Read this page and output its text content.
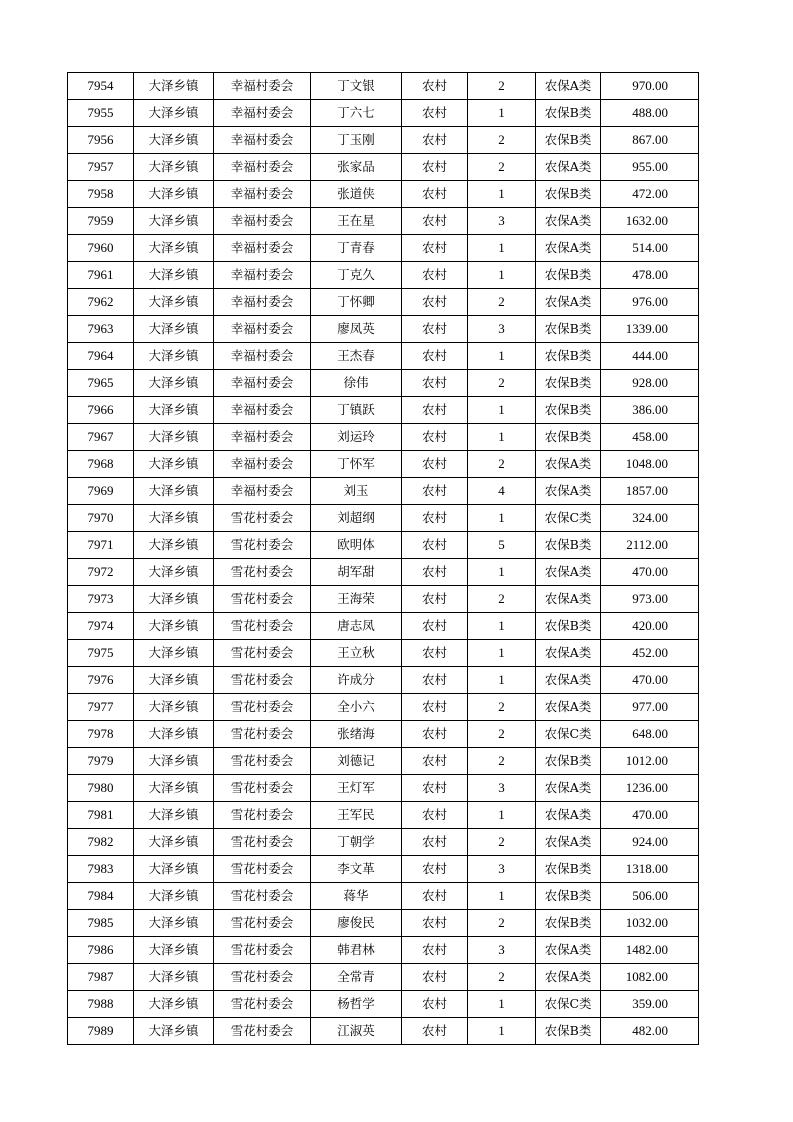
7954	大泽乡镇	幸福村委会	丁文银	农村	2	农保A类	970.00
7955	大泽乡镇	幸福村委会	丁六七	农村	1	农保B类	488.00
7956	大泽乡镇	幸福村委会	丁玉刚	农村	2	农保B类	867.00
7957	大泽乡镇	幸福村委会	张家品	农村	2	农保A类	955.00
7958	大泽乡镇	幸福村委会	张道侠	农村	1	农保B类	472.00
7959	大泽乡镇	幸福村委会	王在星	农村	3	农保A类	1632.00
7960	大泽乡镇	幸福村委会	丁青春	农村	1	农保A类	514.00
7961	大泽乡镇	幸福村委会	丁克久	农村	1	农保B类	478.00
7962	大泽乡镇	幸福村委会	丁怀卿	农村	2	农保A类	976.00
7963	大泽乡镇	幸福村委会	廖凤英	农村	3	农保B类	1339.00
7964	大泽乡镇	幸福村委会	王杰春	农村	1	农保B类	444.00
7965	大泽乡镇	幸福村委会	徐伟	农村	2	农保B类	928.00
7966	大泽乡镇	幸福村委会	丁镇跃	农村	1	农保B类	386.00
7967	大泽乡镇	幸福村委会	刘运玲	农村	1	农保B类	458.00
7968	大泽乡镇	幸福村委会	丁怀军	农村	2	农保A类	1048.00
7969	大泽乡镇	幸福村委会	刘玉	农村	4	农保A类	1857.00
7970	大泽乡镇	雪花村委会	刘超纲	农村	1	农保C类	324.00
7971	大泽乡镇	雪花村委会	欧明体	农村	5	农保B类	2112.00
7972	大泽乡镇	雪花村委会	胡军甜	农村	1	农保A类	470.00
7973	大泽乡镇	雪花村委会	王海荣	农村	2	农保A类	973.00
7974	大泽乡镇	雪花村委会	唐志凤	农村	1	农保B类	420.00
7975	大泽乡镇	雪花村委会	王立秋	农村	1	农保A类	452.00
7976	大泽乡镇	雪花村委会	许成分	农村	1	农保A类	470.00
7977	大泽乡镇	雪花村委会	全小六	农村	2	农保A类	977.00
7978	大泽乡镇	雪花村委会	张绪海	农村	2	农保C类	648.00
7979	大泽乡镇	雪花村委会	刘德记	农村	2	农保B类	1012.00
7980	大泽乡镇	雪花村委会	王灯军	农村	3	农保A类	1236.00
7981	大泽乡镇	雪花村委会	王军民	农村	1	农保A类	470.00
7982	大泽乡镇	雪花村委会	丁朝学	农村	2	农保A类	924.00
7983	大泽乡镇	雪花村委会	李文革	农村	3	农保B类	1318.00
7984	大泽乡镇	雪花村委会	蒋华	农村	1	农保B类	506.00
7985	大泽乡镇	雪花村委会	廖俊民	农村	2	农保B类	1032.00
7986	大泽乡镇	雪花村委会	韩君林	农村	3	农保A类	1482.00
7987	大泽乡镇	雪花村委会	全常青	农村	2	农保A类	1082.00
7988	大泽乡镇	雪花村委会	杨哲学	农村	1	农保C类	359.00
7989	大泽乡镇	雪花村委会	江淑英	农村	1	农保B类	482.00
